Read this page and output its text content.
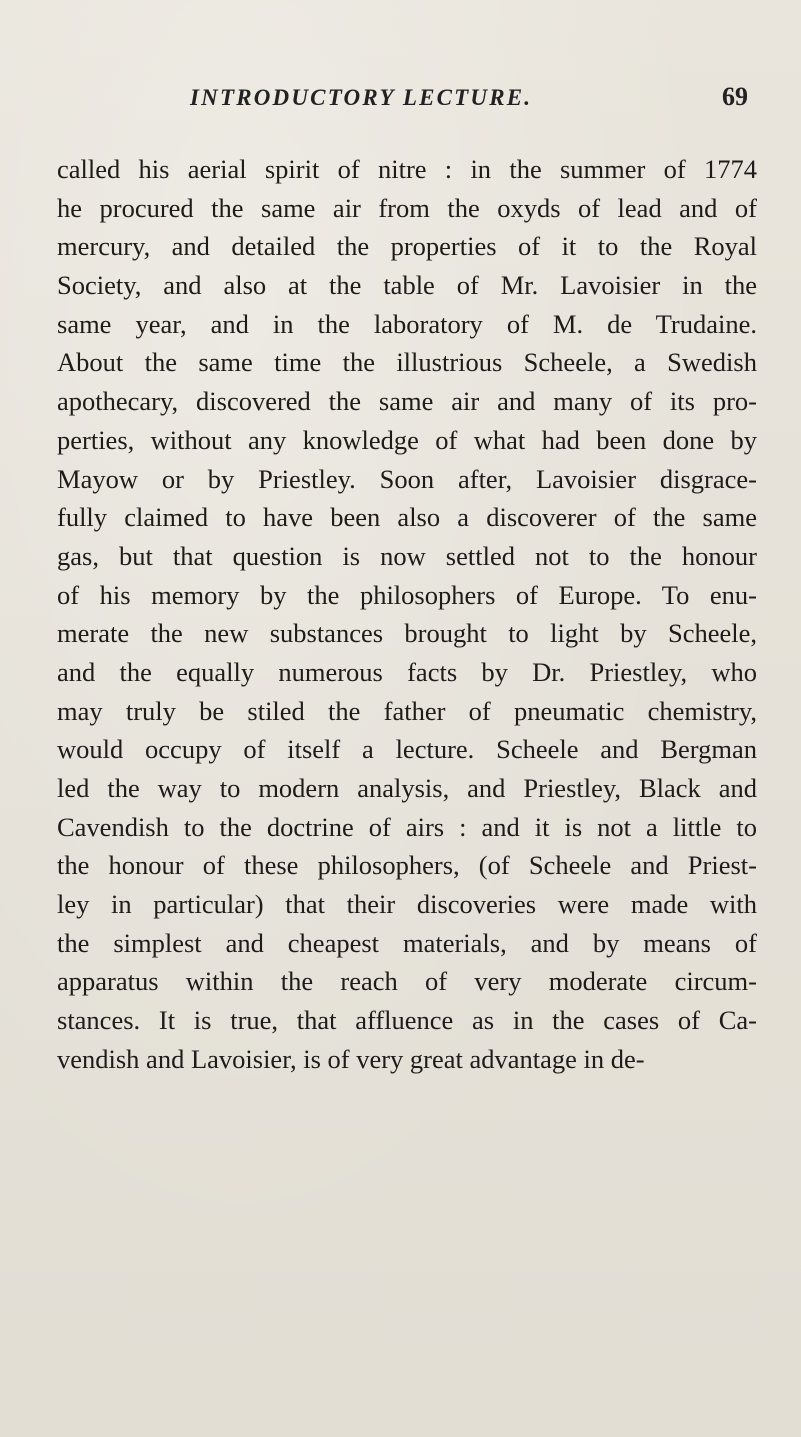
INTRODUCTORY LECTURE.	69
called his aerial spirit of nitre : in the summer of 1774
he procured the same air from the oxyds of lead and of
mercury, and detailed the properties of it to the Royal
Society, and also at the table of Mr. Lavoisier in the
same year, and in the laboratory of M. de Trudaine.
About the same time the illustrious Scheele, a Swedish
apothecary, discovered the same air and many of its pro-
perties, without any knowledge of what had been done by
Mayow or by Priestley. Soon after, Lavoisier disgrace-
fully claimed to have been also a discoverer of the same
gas, but that question is now settled not to the honour
of his memory by the philosophers of Europe. To enu-
merate the new substances brought to light by Scheele,
and the equally numerous facts by Dr. Priestley, who
may truly be stiled the father of pneumatic chemistry,
would occupy of itself a lecture. Scheele and Bergman
led the way to modern analysis, and Priestley, Black and
Cavendish to the doctrine of airs : and it is not a little to
the honour of these philosophers, (of Scheele and Priest-
ley in particular) that their discoveries were made with
the simplest and cheapest materials, and by means of
apparatus within the reach of very moderate circum-
stances. It is true, that affluence as in the cases of Ca-
vendish and Lavoisier, is of very great advantage in de-
